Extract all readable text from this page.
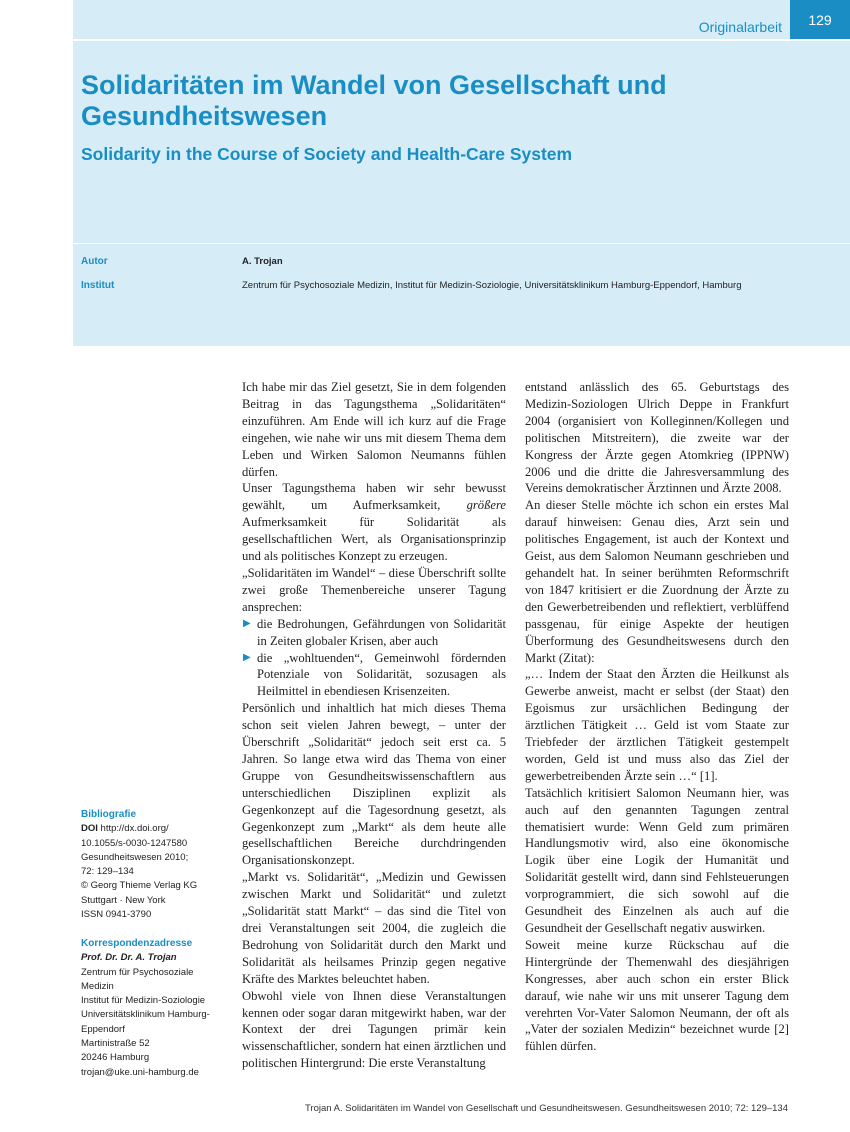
Originalarbeit	129
Solidaritäten im Wandel von Gesellschaft und Gesundheitswesen
Solidarity in the Course of Society and Health-Care System
Autor	A. Trojan
Institut	Zentrum für Psychosoziale Medizin, Institut für Medizin-Soziologie, Universitätsklinikum Hamburg-Eppendorf, Hamburg
Bibliografie
DOI http://dx.doi.org/
10.1055/s-0030-1247580
Gesundheitswesen 2010;
72: 129–134
© Georg Thieme Verlag KG
Stuttgart · New York
ISSN 0941-3790
Korrespondenzadresse
Prof. Dr. Dr. A. Trojan
Zentrum für Psychosoziale
Medizin
Institut für Medizin-Soziologie
Universitätsklinikum Hamburg-
Eppendorf
Martinistraße 52
20246 Hamburg
trojan@uke.uni-hamburg.de

Ich habe mir das Ziel gesetzt, Sie in dem folgenden Beitrag in das Tagungsthema „Solidaritäten“ einzuführen. Am Ende will ich kurz auf die Frage eingehen, wie nahe wir uns mit diesem Thema dem Leben und Wirken Salomon Neumanns fühlen dürfen.

Unser Tagungsthema haben wir sehr bewusst gewählt, um Aufmerksamkeit, größere Aufmerksamkeit für Solidarität als gesellschaftlichen Wert, als Organisationsprinzip und als politisches Konzept zu erzeugen.

„Solidaritäten im Wandel“ – diese Überschrift sollte zwei große Themenbereiche unserer Tagung ansprechen:

▶ die Bedrohungen, Gefährdungen von Solidarität in Zeiten globaler Krisen, aber auch
▶ die „wohltuenden“, Gemeinwohl fördernden Potenziale von Solidarität, sozusagen als Heilmittel in ebendiesen Krisenzeiten.

Persönlich und inhaltlich hat mich dieses Thema schon seit vielen Jahren bewegt, – unter der Überschrift „Solidarität“ jedoch seit erst ca. 5 Jahren. So lange etwa wird das Thema von einer Gruppe von Gesundheitswissenschaftlern aus unterschiedlichen Disziplinen explizit als Gegenkonzept auf die Tagesordnung gesetzt, als Gegenkonzept zum „Markt“ als dem heute alle gesellschaftlichen Bereiche durchdringenden Organisationskonzept.

„Markt vs. Solidarität“, „Medizin und Gewissen zwischen Markt und Solidarität“ und zuletzt „Solidarität statt Markt“ – das sind die Titel von drei Veranstaltungen seit 2004, die zugleich die Bedrohung von Solidarität durch den Markt und Solidarität als heilsames Prinzip gegen negative Kräfte des Marktes beleuchtet haben.

Obwohl viele von Ihnen diese Veranstaltungen kennen oder sogar daran mitgewirkt haben, war der Kontext der drei Tagungen primär kein wissenschaftlicher, sondern hat einen ärztlichen und politischen Hintergrund: Die erste Veranstaltung

entstand anlässlich des 65. Geburtstags des Medizin-Soziologen Ulrich Deppe in Frankfurt 2004 (organisiert von Kolleginnen/Kollegen und politischen Mitstreitern), die zweite war der Kongress der Ärzte gegen Atomkrieg (IPPNW) 2006 und die dritte die Jahresversammlung des Vereins demokratischer Ärztinnen und Ärzte 2008.

An dieser Stelle möchte ich schon ein erstes Mal darauf hinweisen: Genau dies, Arzt sein und politisches Engagement, ist auch der Kontext und Geist, aus dem Salomon Neumann geschrieben und gehandelt hat. In seiner berühmten Reformschrift von 1847 kritisiert er die Zuordnung der Ärzte zu den Gewerbetreibenden und reflektiert, verblüffend passgenau, für einige Aspekte der heutigen Überformung des Gesundheitswesens durch den Markt (Zitat):

„… Indem der Staat den Ärzten die Heilkunst als Gewerbe anweist, macht er selbst (der Staat) den Egoismus zur ursächlichen Bedingung der ärztlichen Tätigkeit … Geld ist vom Staate zur Triebfeder der ärztlichen Tätigkeit gestempelt worden, Geld ist und muss also das Ziel der gewerbetreibenden Ärzte sein …“ [1].

Tatsächlich kritisiert Salomon Neumann hier, was auch auf den genannten Tagungen zentral thematisiert wurde: Wenn Geld zum primären Handlungsmotiv wird, also eine ökonomische Logik über eine Logik der Humanität und Solidarität gestellt wird, dann sind Fehlsteuerungen vorprogrammiert, die sich sowohl auf die Gesundheit des Einzelnen als auch auf die Gesundheit der Gesellschaft negativ auswirken.

Soweit meine kurze Rückschau auf die Hintergründe der Themenwahl des diesjährigen Kongresses, aber auch schon ein erster Blick darauf, wie nahe wir uns mit unserer Tagung dem verehrten Vor-Vater Salomon Neumann, der oft als „Vater der sozialen Medizin“ bezeichnet wurde [2] fühlen dürfen.

Trojan A. Solidaritäten im Wandel von Gesellschaft und Gesundheitswesen. Gesundheitswesen 2010; 72: 129–134
